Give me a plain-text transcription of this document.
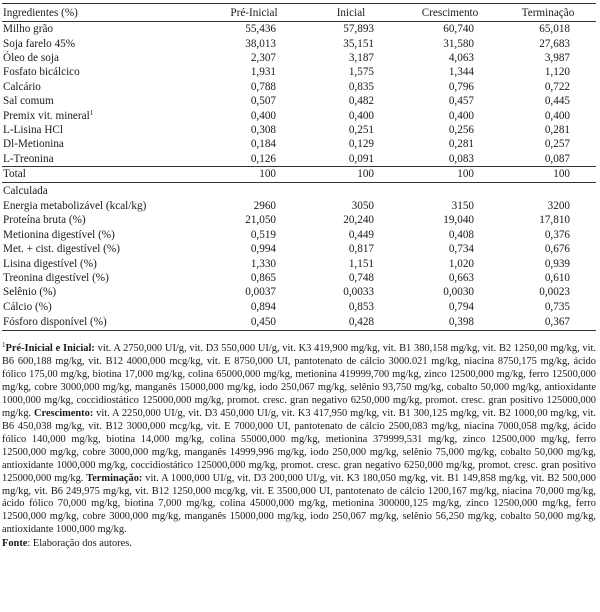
Ingredientes (%)	Pré-Inicial	Inicial	Crescimento	Terminação
Milho grão	55,436	57,893	60,740	65,018
Soja farelo 45%	38,013	35,151	31,580	27,683
Óleo de soja	2,307	3,187	4,063	3,987
Fosfato bicálcico	1,931	1,575	1,344	1,120
Calcário	0,788	0,835	0,796	0,722
Sal comum	0,507	0,482	0,457	0,445
Premix vit. mineral$^1$	0,400	0,400	0,400	0,400
L-Lisina HCl	0,308	0,251	0,256	0,281
Dl-Metionina	0,184	0,129	0,281	0,257
L-Treonina	0,126	0,091	0,083	0,087
Total	100	100	100	100
Calculada				
Energia metabolizável (kcal/kg)	2960	3050	3150	3200
Proteína bruta (%)	21,050	20,240	19,040	17,810
Metionina digestível (%)	0,519	0,449	0,408	0,376
Met. + cist. digestível (%)	0,994	0,817	0,734	0,676
Lisina digestível (%)	1,330	1,151	1,020	0,939
Treonina digestível (%)	0,865	0,748	0,663	0,610
Selênio (%)	0,0037	0,0033	0,0030	0,0023
Cálcio (%)	0,894	0,853	0,794	0,735
Fósforo disponível (%)	0,450	0,428	0,398	0,367

$^1$Pré-Inicial e Inicial: vit. A 2750,000 UI/g, vit. D3 550,000 UI/g, vit. K3 419,900 mg/kg, vit. B1 380,158 mg/kg, vit. B2 1250,00 mg/kg, vit. B6 600,188 mg/kg, vit. B12 4000,000 mcg/kg, vit. E 8750,000 UI, pantotenato de cálcio 3000.021 mg/kg, niacina 8750,175 mg/kg, ácido fólico 175,00 mg/kg, biotina 17,000 mg/kg, colina 65000,000 mg/kg, metionina 419999,700 mg/kg, zinco 12500,000 mg/kg, ferro 12500,000 mg/kg, cobre 3000,000 mg/kg, manganês 15000,000 mg/kg, iodo 250,067 mg/kg, selênio 93,750 mg/kg, cobalto 50,000 mg/kg, antioxidante 1000,000 mg/kg, coccidiostático 125000,000 mg/kg, promot. cresc. gran negativo 6250,000 mg/kg, promot. cresc. gran positivo 125000,000 mg/kg. Crescimento: vit. A 2250,000 UI/g, vit. D3 450,000 UI/g, vit. K3 417,950 mg/kg, vit. B1 300,125 mg/kg, vit. B2 1000,00 mg/kg, vit. B6 450,038 mg/kg, vit. B12 3000,000 mcg/kg, vit. E 7000,000 UI, pantotenato de cálcio 2500,083 mg/kg, niacina 7000,058 mg/kg, ácido fólico 140,000 mg/kg, biotina 14,000 mg/kg, colina 55000,000 mg/kg, metionina 379999,531 mg/kg, zinco 12500,000 mg/kg, ferro 12500,000 mg/kg, cobre 3000,000 mg/kg, manganês 14999,996 mg/kg, iodo 250,000 mg/kg, selênio 75,000 mg/kg, cobalto 50,000 mg/kg, antioxidante 1000,000 mg/kg, coccidiostático 125000,000 mg/kg, promot. cresc. gran negativo 6250,000 mg/kg, promot. cresc. gran positivo 125000,000 mg/kg. Terminação: vit. A 1000,000 UI/g, vit. D3 200,000 UI/g, vit. K3 180,050 mg/kg, vit. B1 149,858 mg/kg, vit. B2 500,000 mg/kg, vit. B6 249,975 mg/kg, vit. B12 1250,000 mcg/kg, vit. E 3500,000 UI, pantotenato de cálcio 1200,167 mg/kg, niacina 70,000 mg/kg, ácido fólico 70,000 mg/kg, biotina 7,000 mg/kg, colina 45000,000 mg/kg, metionina 300000,125 mg/kg, zinco 12500,000 mg/kg, ferro 12500,000 mg/kg, cobre 3000,000 mg/kg, manganês 15000,000 mg/kg, iodo 250,067 mg/kg, selênio 56,250 mg/kg, cobalto 50,000 mg/kg, antioxidante 1000,000 mg/kg.

Fonte: Elaboração dos autores.
